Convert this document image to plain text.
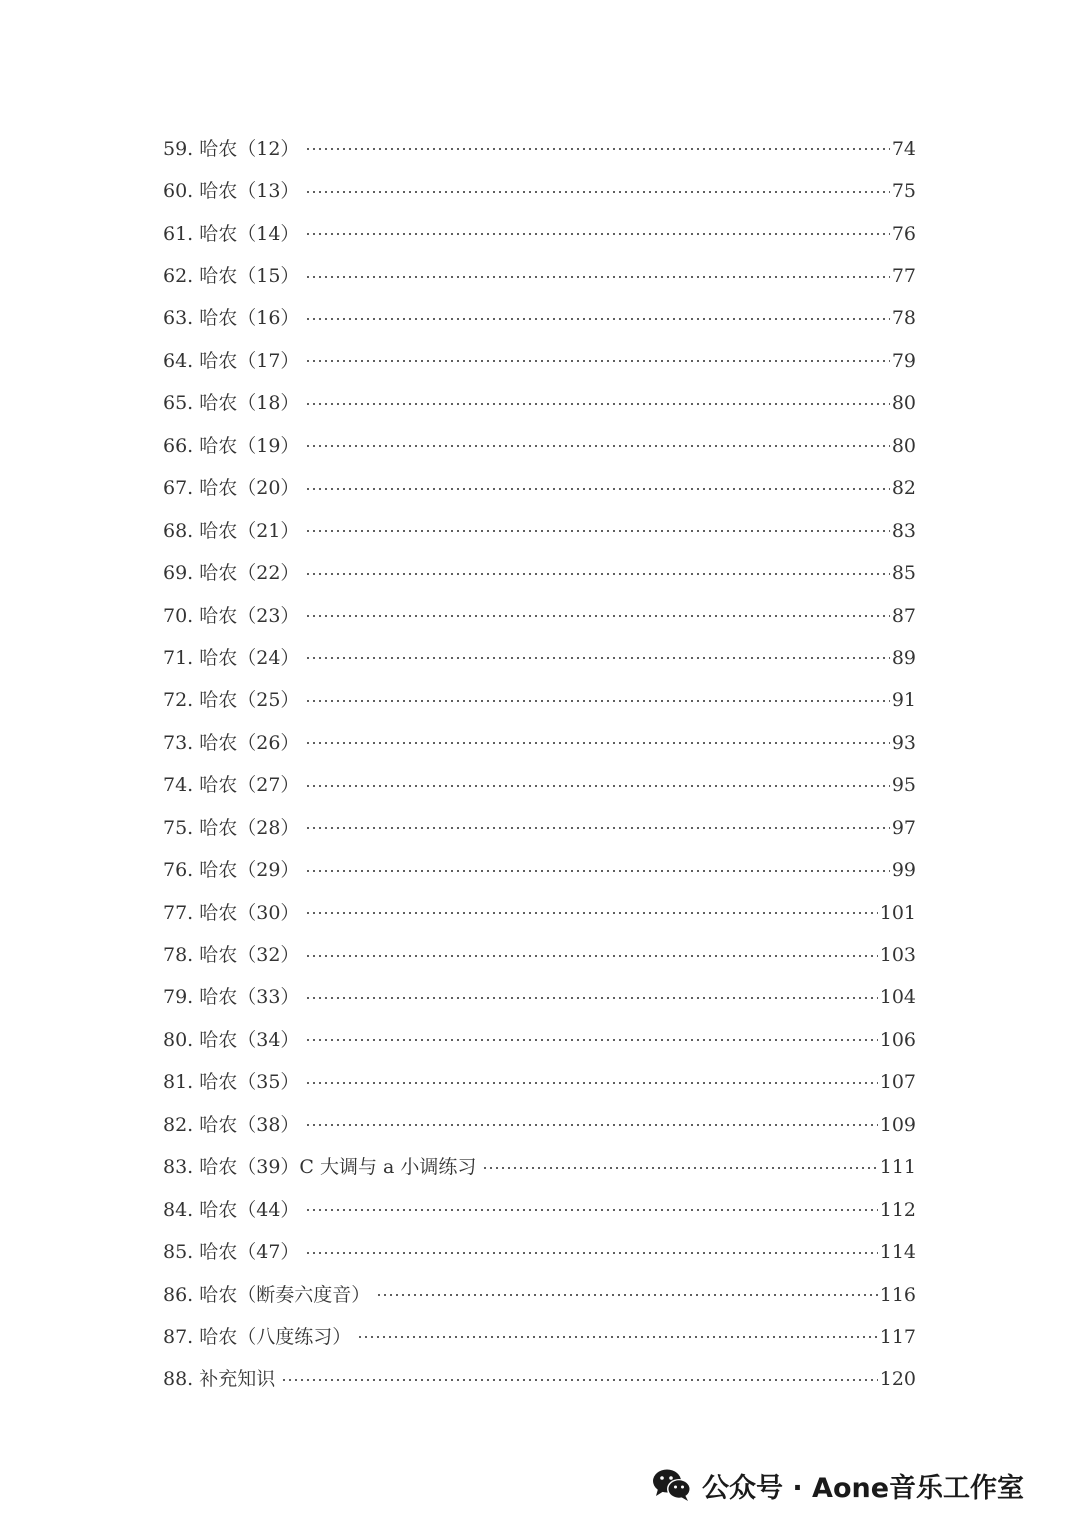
59. 哈农（12）	74
60. 哈农（13）	75
61. 哈农（14）	76
62. 哈农（15）	77
63. 哈农（16）	78
64. 哈农（17）	79
65. 哈农（18）	80
66. 哈农（19）	80
67. 哈农（20）	82
68. 哈农（21）	83
69. 哈农（22）	85
70. 哈农（23）	87
71. 哈农（24）	89
72. 哈农（25）	91
73. 哈农（26）	93
74. 哈农（27）	95
75. 哈农（28）	97
76. 哈农（29）	99
77. 哈农（30）	101
78. 哈农（32）	103
79. 哈农（33）	104
80. 哈农（34）	106
81. 哈农（35）	107
82. 哈农（38）	109
83. 哈农（39）C 大调与 a 小调练习	111
84. 哈农（44）	112
85. 哈农（47）	114
86. 哈农（断奏六度音）	116
87. 哈农（八度练习）	117
88. 补充知识	120
公众号 · Aone音乐工作室
